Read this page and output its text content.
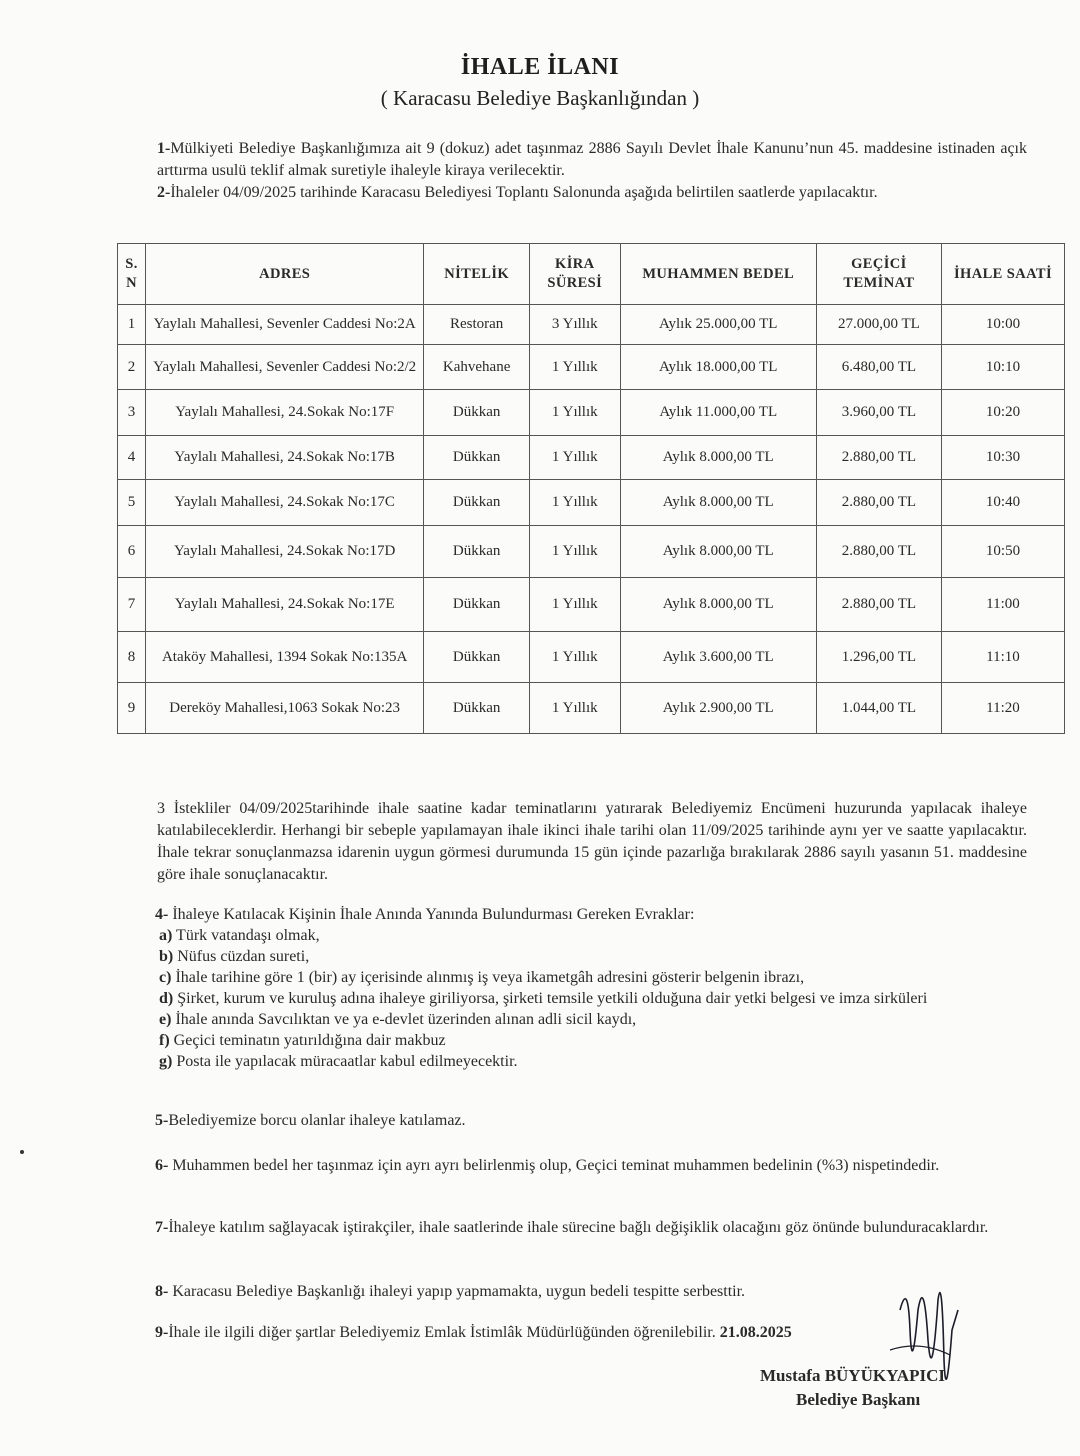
İHALE İLANI
( Karacasu Belediye Başkanlığından )
1-Mülkiyeti Belediye Başkanlığımıza ait 9 (dokuz) adet taşınmaz 2886 Sayılı Devlet İhale Kanunu’nun 45. maddesine istinaden açık arttırma usulü teklif almak suretiyle ihaleyle kiraya verilecektir.
2-İhaleler 04/09/2025 tarihinde Karacasu Belediyesi Toplantı Salonunda aşağıda belirtilen saatlerde yapılacaktır.
S. N	ADRES	NİTELİK	KİRA SÜRESİ	MUHAMMEN BEDEL	GEÇİCİ TEMİNAT	İHALE SAATİ
1	Yaylalı Mahallesi, Sevenler Caddesi No:2A	Restoran	3 Yıllık	Aylık 25.000,00 TL	27.000,00 TL	10:00
2	Yaylalı Mahallesi, Sevenler Caddesi No:2/2	Kahvehane	1 Yıllık	Aylık 18.000,00 TL	6.480,00 TL	10:10
3	Yaylalı Mahallesi, 24.Sokak No:17F	Dükkan	1 Yıllık	Aylık 11.000,00 TL	3.960,00 TL	10:20
4	Yaylalı Mahallesi, 24.Sokak No:17B	Dükkan	1 Yıllık	Aylık 8.000,00 TL	2.880,00 TL	10:30
5	Yaylalı Mahallesi, 24.Sokak No:17C	Dükkan	1 Yıllık	Aylık 8.000,00 TL	2.880,00 TL	10:40
6	Yaylalı Mahallesi, 24.Sokak No:17D	Dükkan	1 Yıllık	Aylık 8.000,00 TL	2.880,00 TL	10:50
7	Yaylalı Mahallesi, 24.Sokak No:17E	Dükkan	1 Yıllık	Aylık 8.000,00 TL	2.880,00 TL	11:00
8	Ataköy Mahallesi, 1394 Sokak No:135A	Dükkan	1 Yıllık	Aylık 3.600,00 TL	1.296,00 TL	11:10
9	Dereköy Mahallesi,1063 Sokak No:23	Dükkan	1 Yıllık	Aylık 2.900,00 TL	1.044,00 TL	11:20
3 İstekliler 04/09/2025tarihinde ihale saatine kadar teminatlarını yatırarak Belediyemiz Encümeni huzurunda yapılacak ihaleye katılabileceklerdir. Herhangi bir sebeple yapılamayan ihale ikinci ihale tarihi olan 11/09/2025 tarihinde aynı yer ve saatte yapılacaktır. İhale tekrar sonuçlanmazsa idarenin uygun görmesi durumunda 15 gün içinde pazarlığa bırakılarak 2886 sayılı yasanın 51. maddesine göre ihale sonuçlanacaktır.
4- İhaleye Katılacak Kişinin İhale Anında Yanında Bulundurması Gereken Evraklar:
a) Türk vatandaşı olmak,
b) Nüfus cüzdan sureti,
c) İhale tarihine göre 1 (bir) ay içerisinde alınmış iş veya ikametgâh adresini gösterir belgenin ibrazı,
d) Şirket, kurum ve kuruluş adına ihaleye giriliyorsa, şirketi temsile yetkili olduğuna dair yetki belgesi ve imza sirküleri
e) İhale anında Savcılıktan ve ya e-devlet üzerinden alınan adli sicil kaydı,
f) Geçici teminatın yatırıldığına dair makbuz
g) Posta ile yapılacak müracaatlar kabul edilmeyecektir.
5-Belediyemize borcu olanlar ihaleye katılamaz.
6- Muhammen bedel her taşınmaz için ayrı ayrı belirlenmiş olup, Geçici teminat muhammen bedelinin (%3) nispetindedir.
7-İhaleye katılım sağlayacak iştirakçiler, ihale saatlerinde ihale sürecine bağlı değişiklik olacağını göz önünde bulunduracaklardır.
8- Karacasu Belediye Başkanlığı ihaleyi yapıp yapmamakta, uygun bedeli tespitte serbesttir.
9-İhale ile ilgili diğer şartlar Belediyemiz Emlak İstimlâk Müdürlüğünden öğrenilebilir. 21.08.2025
Mustafa BÜYÜKYAPICI
Belediye Başkanı
